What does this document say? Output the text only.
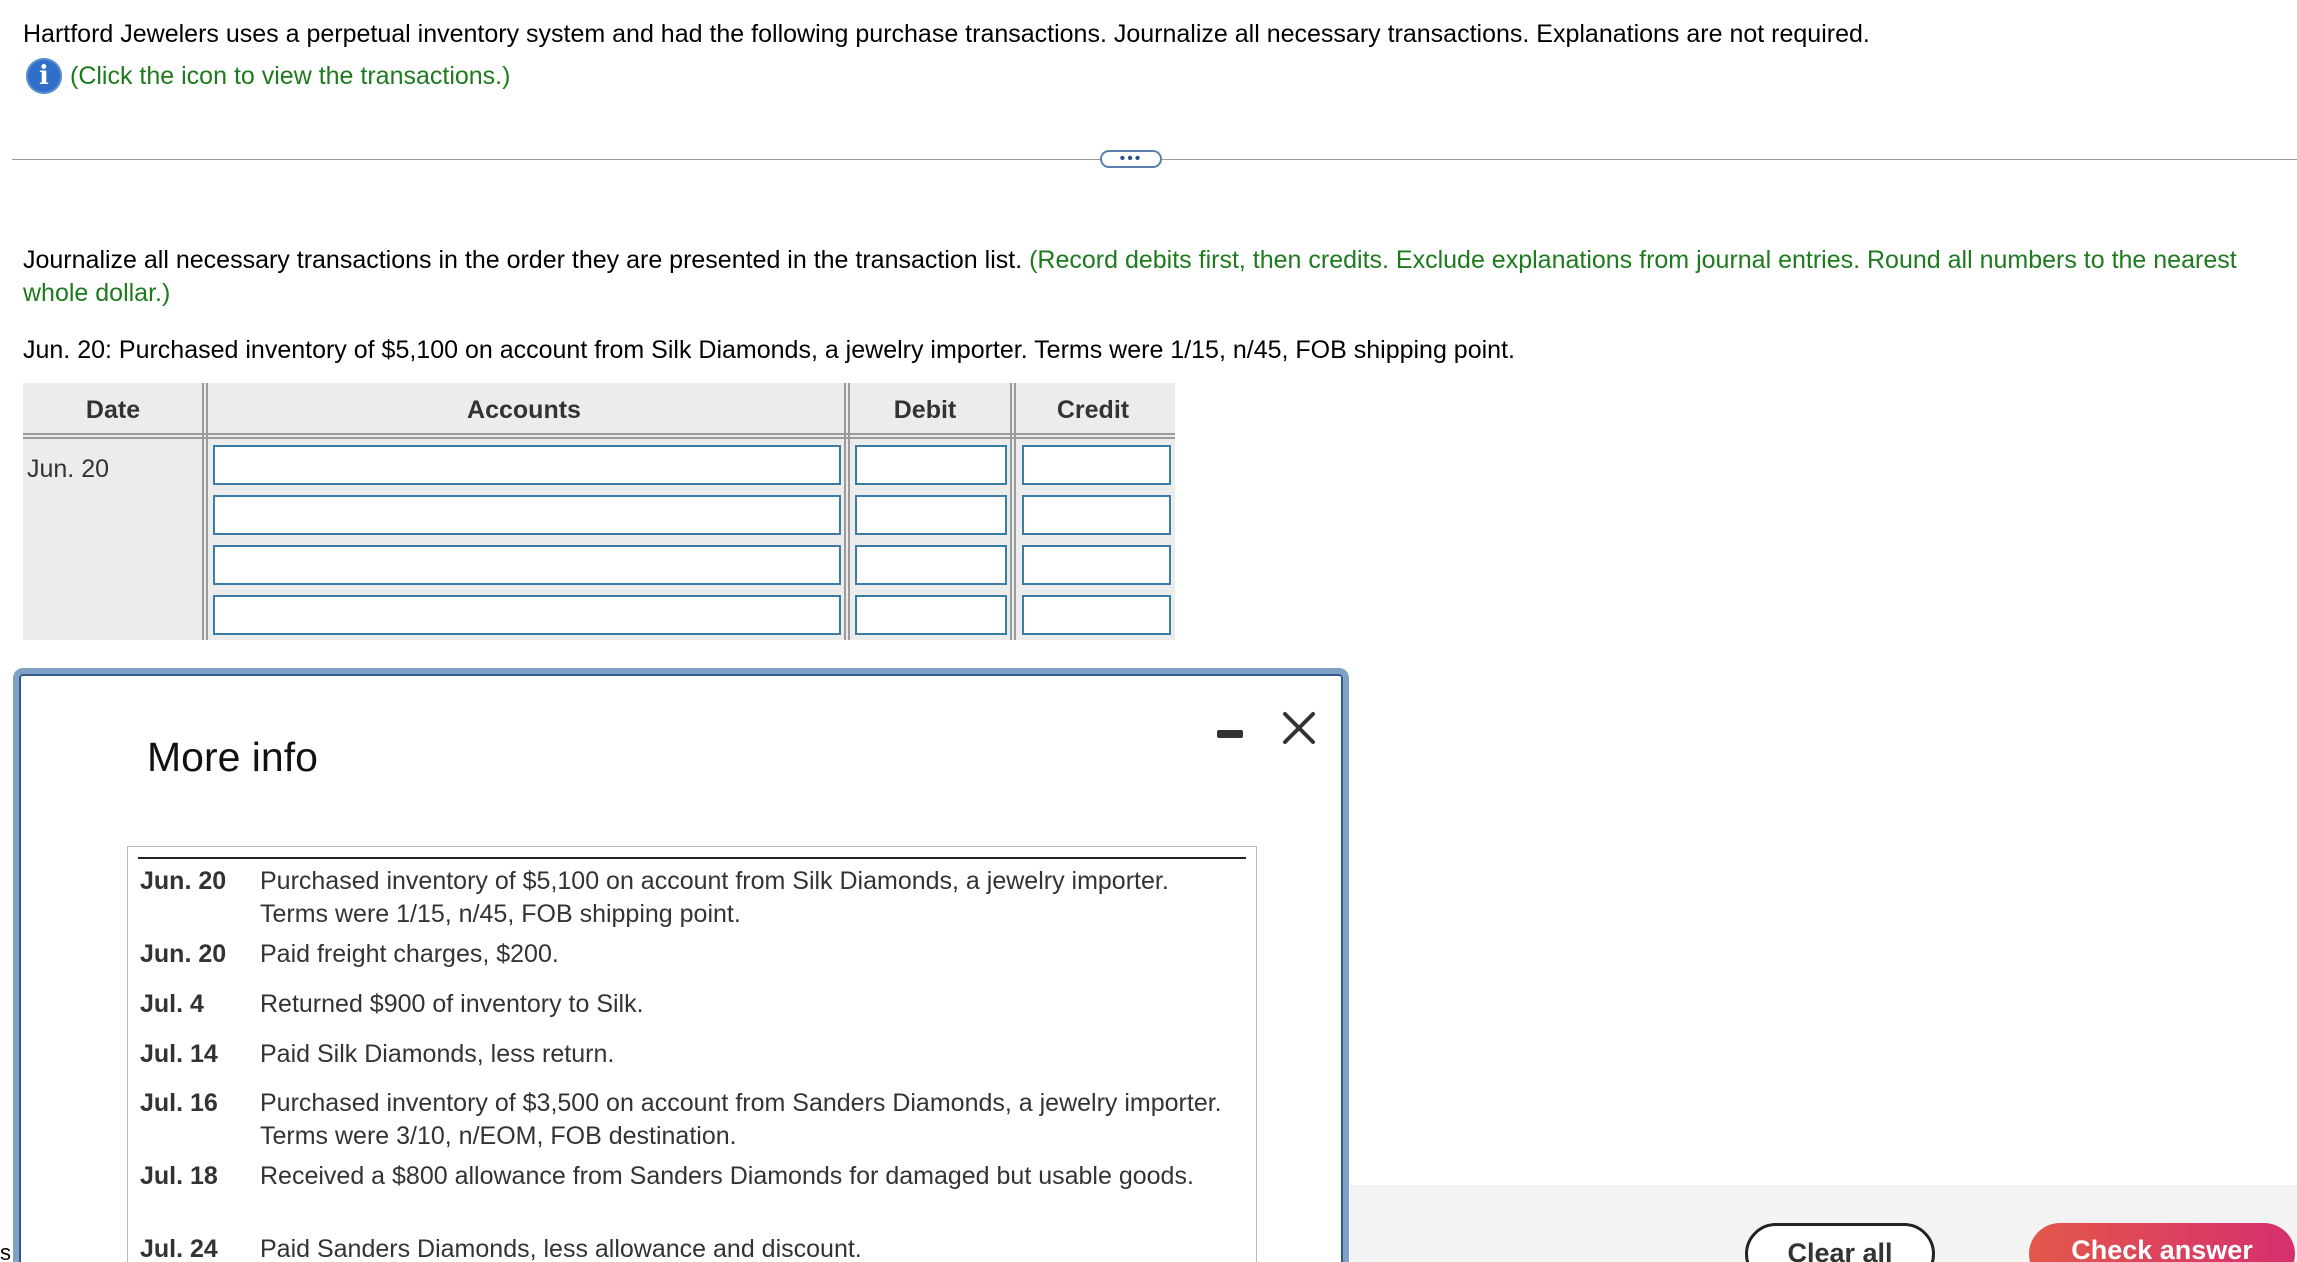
Hartford Jewelers uses a perpetual inventory system and had the following purchase transactions. Journalize all necessary transactions. Explanations are not required.
i (Click the icon to view the transactions.)
•••
Journalize all necessary transactions in the order they are presented in the transaction list. (Record debits first, then credits. Exclude explanations from journal entries. Round all numbers to the nearest whole dollar.)
Jun. 20: Purchased inventory of $5,100 on account from Silk Diamonds, a jewelry importer. Terms were 1/15, n/45, FOB shipping point.
Date	Accounts	Debit	Credit
Jun. 20
Clear all	Check answer
s
More info
Jun. 20	Purchased inventory of $5,100 on account from Silk Diamonds, a jewelry importer. Terms were 1/15, n/45, FOB shipping point.
Jun. 20	Paid freight charges, $200.
Jul. 4	Returned $900 of inventory to Silk.
Jul. 14	Paid Silk Diamonds, less return.
Jul. 16	Purchased inventory of $3,500 on account from Sanders Diamonds, a jewelry importer. Terms were 3/10, n/EOM, FOB destination.
Jul. 18	Received a $800 allowance from Sanders Diamonds for damaged but usable goods.
Jul. 24	Paid Sanders Diamonds, less allowance and discount.
